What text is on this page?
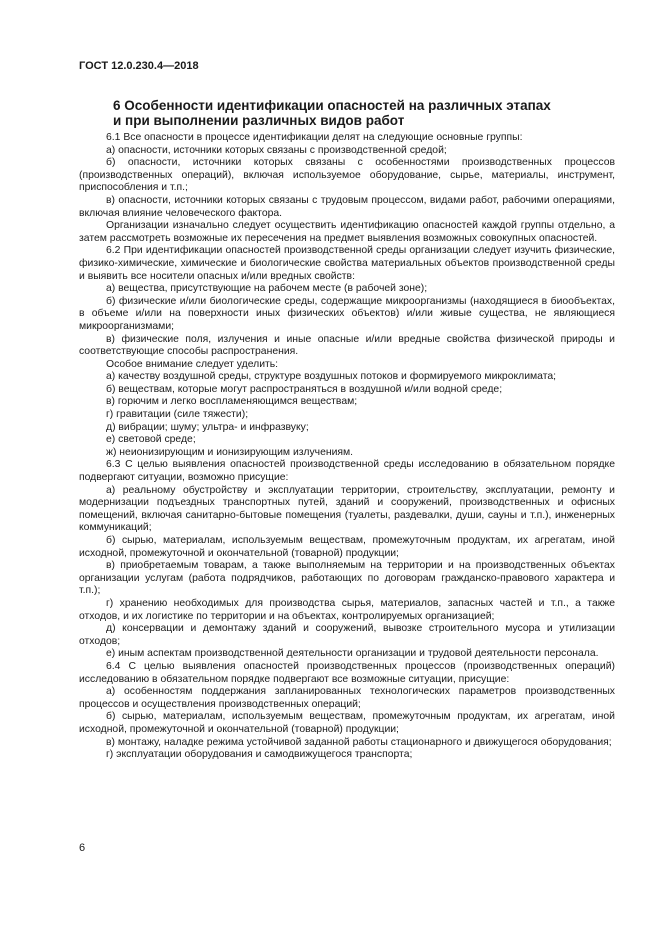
ГОСТ 12.0.230.4—2018
6 Особенности идентификации опасностей на различных этапах
и при выполнении различных видов работ

6.1 Все опасности в процессе идентификации делят на следующие основные группы:

а) опасности, источники которых связаны с производственной средой;

б) опасности, источники которых связаны с особенностями производственных процессов (производственных операций), включая используемое оборудование, сырье, материалы, инструмент, приспособления и т.п.;

в) опасности, источники которых связаны с трудовым процессом, видами работ, рабочими операциями, включая влияние человеческого фактора.

Организации изначально следует осуществить идентификацию опасностей каждой группы отдельно, а затем рассмотреть возможные их пересечения на предмет выявления возможных совокупных опасностей.

6.2 При идентификации опасностей производственной среды организации следует изучить физические, физико-химические, химические и биологические свойства материальных объектов производственной среды и выявить все носители опасных и/или вредных свойств:

а) вещества, присутствующие на рабочем месте (в рабочей зоне);

б) физические и/или биологические среды, содержащие микроорганизмы (находящиеся в биообъектах, в объеме и/или на поверхности иных физических объектов) и/или живые существа, не являющиеся микроорганизмами;

в) физические поля, излучения и иные опасные и/или вредные свойства физической природы и соответствующие способы распространения.

Особое внимание следует уделить:

а) качеству воздушной среды, структуре воздушных потоков и формируемого микроклимата;

б) веществам, которые могут распространяться в воздушной и/или водной среде;

в) горючим и легко воспламеняющимся веществам;

г) гравитации (силе тяжести);

д) вибрации; шуму; ультра- и инфразвуку;

е) световой среде;

ж) неионизирующим и ионизирующим излучениям.

6.3 С целью выявления опасностей производственной среды исследованию в обязательном порядке подвергают ситуации, возможно присущие:

а) реальному обустройству и эксплуатации территории, строительству, эксплуатации, ремонту и модернизации подъездных транспортных путей, зданий и сооружений, производственных и офисных помещений, включая санитарно-бытовые помещения (туалеты, раздевалки, души, сауны и т.п.), инженерных коммуникаций;

б) сырью, материалам, используемым веществам, промежуточным продуктам, их агрегатам, иной исходной, промежуточной и окончательной (товарной) продукции;

в) приобретаемым товарам, а также выполняемым на территории и на производственных объектах организации услугам (работа подрядчиков, работающих по договорам гражданско-правового характера и т.п.);

г) хранению необходимых для производства сырья, материалов, запасных частей и т.п., а также отходов, и их логистике по территории и на объектах, контролируемых организацией;

д) консервации и демонтажу зданий и сооружений, вывозке строительного мусора и утилизации отходов;

е) иным аспектам производственной деятельности организации и трудовой деятельности персонала.

6.4 С целью выявления опасностей производственных процессов (производственных операций) исследованию в обязательном порядке подвергают все возможные ситуации, присущие:

а) особенностям поддержания запланированных технологических параметров производственных процессов и осуществления производственных операций;

б) сырью, материалам, используемым веществам, промежуточным продуктам, их агрегатам, иной исходной, промежуточной и окончательной (товарной) продукции;

в) монтажу, наладке режима устойчивой заданной работы стационарного и движущегося оборудования;

г) эксплуатации оборудования и самодвижущегося транспорта;

6
